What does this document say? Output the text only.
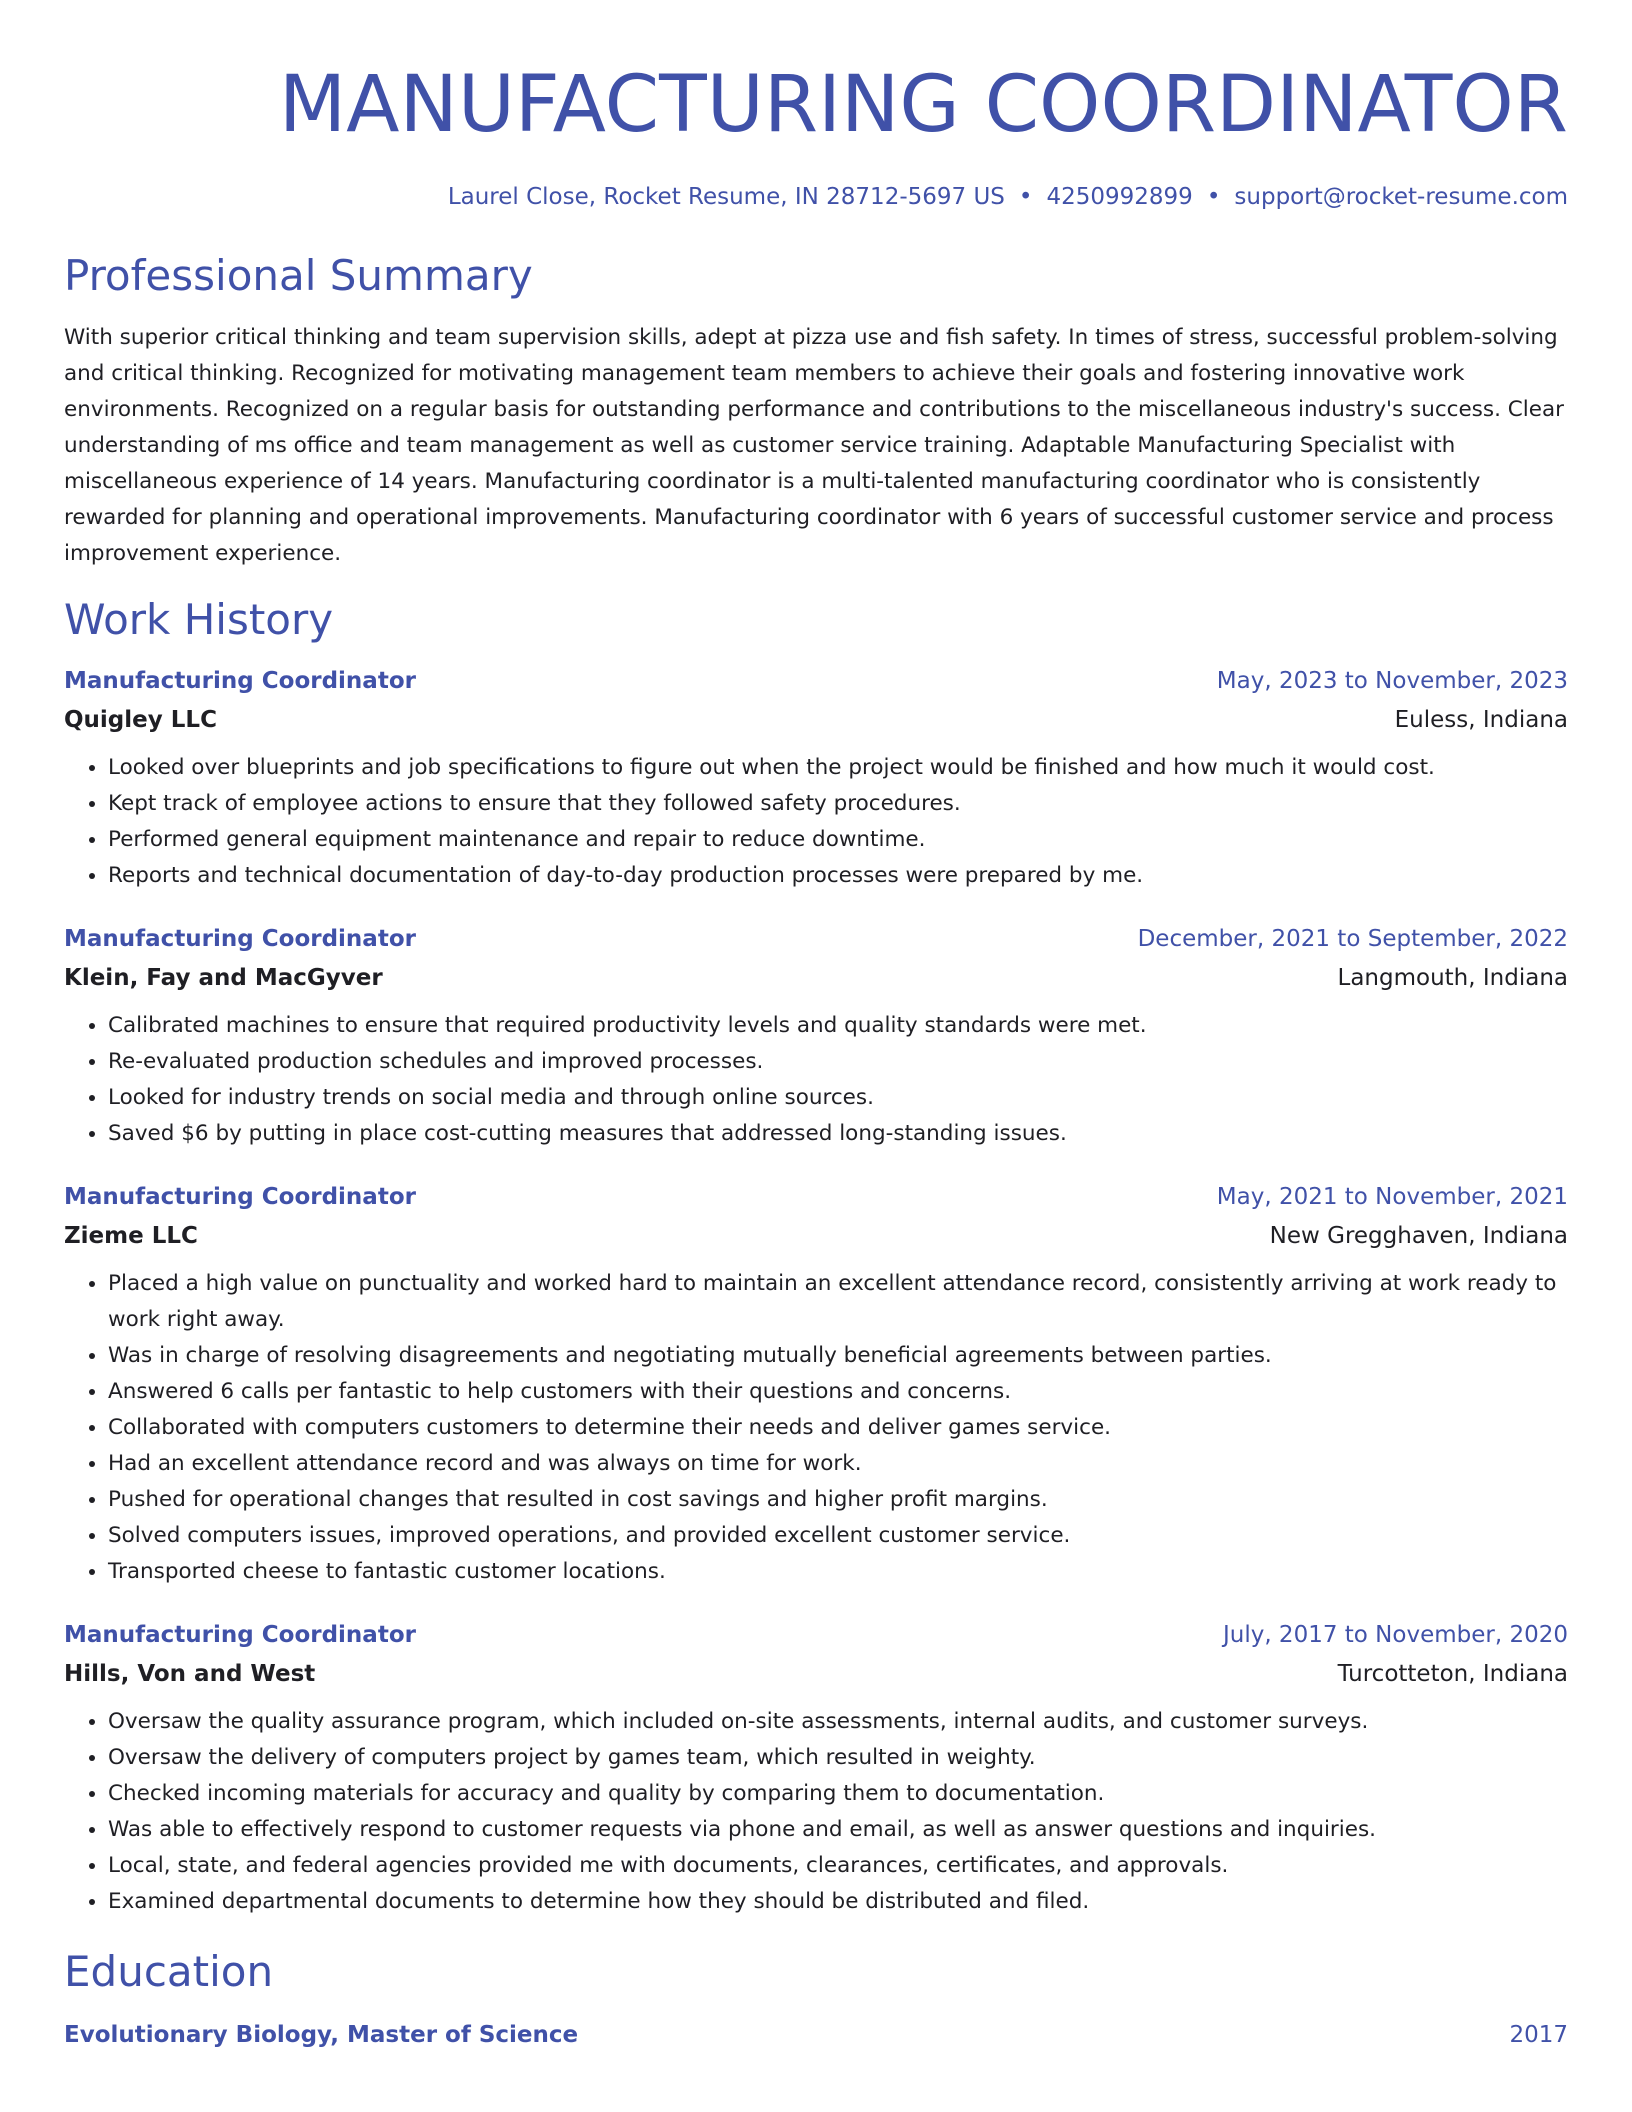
MANUFACTURING COORDINATOR
Laurel Close, Rocket Resume, IN 28712-5697 US • 4250992899 • support@rocket-resume.com
Professional Summary
With superior critical thinking and team supervision skills, adept at pizza use and fish safety. In times of stress, successful problem-solving and critical thinking. Recognized for motivating management team members to achieve their goals and fostering innovative work environments. Recognized on a regular basis for outstanding performance and contributions to the miscellaneous industry's success. Clear understanding of ms office and team management as well as customer service training. Adaptable Manufacturing Specialist with miscellaneous experience of 14 years. Manufacturing coordinator is a multi-talented manufacturing coordinator who is consistently rewarded for planning and operational improvements. Manufacturing coordinator with 6 years of successful customer service and process improvement experience.
Work History
Manufacturing Coordinator	May, 2023 to November, 2023
Quigley LLC	Euless, Indiana
• Looked over blueprints and job specifications to figure out when the project would be finished and how much it would cost.
• Kept track of employee actions to ensure that they followed safety procedures.
• Performed general equipment maintenance and repair to reduce downtime.
• Reports and technical documentation of day-to-day production processes were prepared by me.
Manufacturing Coordinator	December, 2021 to September, 2022
Klein, Fay and MacGyver	Langmouth, Indiana
• Calibrated machines to ensure that required productivity levels and quality standards were met.
• Re-evaluated production schedules and improved processes.
• Looked for industry trends on social media and through online sources.
• Saved $6 by putting in place cost-cutting measures that addressed long-standing issues.
Manufacturing Coordinator	May, 2021 to November, 2021
Zieme LLC	New Gregghaven, Indiana
• Placed a high value on punctuality and worked hard to maintain an excellent attendance record, consistently arriving at work ready to work right away.
• Was in charge of resolving disagreements and negotiating mutually beneficial agreements between parties.
• Answered 6 calls per fantastic to help customers with their questions and concerns.
• Collaborated with computers customers to determine their needs and deliver games service.
• Had an excellent attendance record and was always on time for work.
• Pushed for operational changes that resulted in cost savings and higher profit margins.
• Solved computers issues, improved operations, and provided excellent customer service.
• Transported cheese to fantastic customer locations.
Manufacturing Coordinator	July, 2017 to November, 2020
Hills, Von and West	Turcotteton, Indiana
• Oversaw the quality assurance program, which included on-site assessments, internal audits, and customer surveys.
• Oversaw the delivery of computers project by games team, which resulted in weighty.
• Checked incoming materials for accuracy and quality by comparing them to documentation.
• Was able to effectively respond to customer requests via phone and email, as well as answer questions and inquiries.
• Local, state, and federal agencies provided me with documents, clearances, certificates, and approvals.
• Examined departmental documents to determine how they should be distributed and filed.
Education
Evolutionary Biology, Master of Science	2017
